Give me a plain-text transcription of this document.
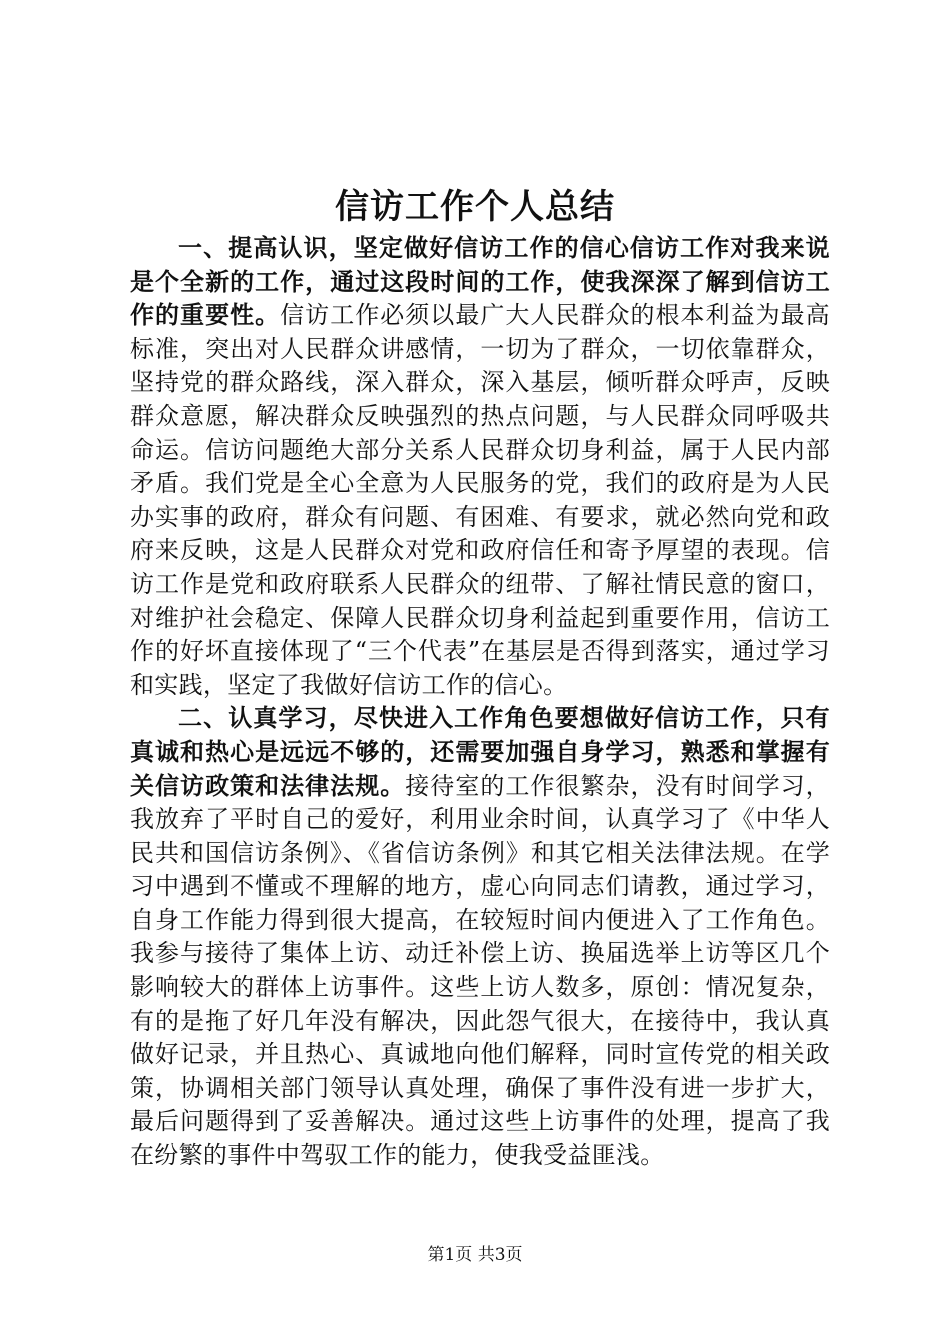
信访工作个人总结

一、提高认识，坚定做好信访工作的信心信访工作对我来说是个全新的工作，通过这段时间的工作，使我深深了解到信访工作的重要性。信访工作必须以最广大人民群众的根本利益为最高标准，突出对人民群众讲感情，一切为了群众，一切依靠群众，坚持党的群众路线，深入群众，深入基层，倾听群众呼声，反映群众意愿，解决群众反映强烈的热点问题，与人民群众同呼吸共命运。信访问题绝大部分关系人民群众切身利益，属于人民内部矛盾。我们党是全心全意为人民服务的党，我们的政府是为人民办实事的政府，群众有问题、有困难、有要求，就必然向党和政府来反映，这是人民群众对党和政府信任和寄予厚望的表现。信访工作是党和政府联系人民群众的纽带、了解社情民意的窗口，对维护社会稳定、保障人民群众切身利益起到重要作用，信访工作的好坏直接体现了“三个代表”在基层是否得到落实，通过学习和实践，坚定了我做好信访工作的信心。

二、认真学习，尽快进入工作角色要想做好信访工作，只有真诚和热心是远远不够的，还需要加强自身学习，熟悉和掌握有关信访政策和法律法规。接待室的工作很繁杂，没有时间学习，我放弃了平时自己的爱好，利用业余时间，认真学习了《中华人民共和国信访条例》、《省信访条例》和其它相关法律法规。在学习中遇到不懂或不理解的地方，虚心向同志们请教，通过学习，自身工作能力得到很大提高，在较短时间内便进入了工作角色。我参与接待了集体上访、动迁补偿上访、换届选举上访等区几个影响较大的群体上访事件。这些上访人数多，原创：情况复杂，有的是拖了好几年没有解决，因此怨气很大，在接待中，我认真做好记录，并且热心、真诚地向他们解释，同时宣传党的相关政策，协调相关部门领导认真处理，确保了事件没有进一步扩大，最后问题得到了妥善解决。通过这些上访事件的处理，提高了我在纷繁的事件中驾驭工作的能力，使我受益匪浅。

第1页 共3页
